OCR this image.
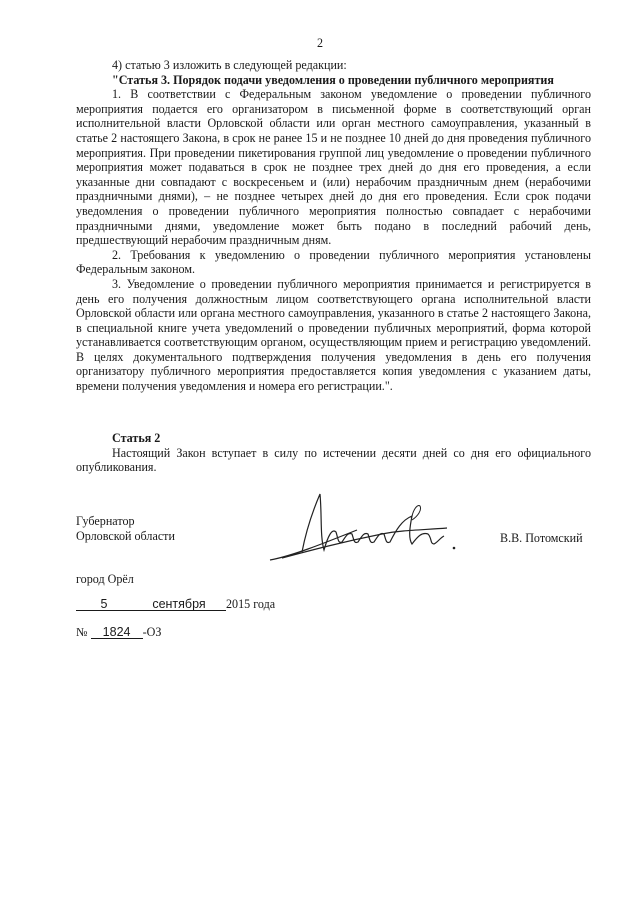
2

4) статью 3 изложить в следующей редакции:

"Статья 3. Порядок подачи уведомления о проведении публичного мероприятия

1. В соответствии с Федеральным законом уведомление о проведении публичного мероприятия подается его организатором в письменной форме в соответствующий орган исполнительной власти Орловской области или орган местного самоуправления, указанный в статье 2 настоящего Закона, в срок не ранее 15 и не позднее 10 дней до дня проведения публичного мероприятия. При проведении пикетирования группой лиц уведомление о проведении публичного мероприятия может подаваться в срок не позднее трех дней до дня его проведения, а если указанные дни совпадают с воскресеньем и (или) нерабочим праздничным днем (нерабочими праздничными днями), – не позднее четырех дней до дня его проведения. Если срок подачи уведомления о проведении публичного мероприятия полностью совпадает с нерабочими праздничными днями, уведомление может быть подано в последний рабочий день, предшествующий нерабочим праздничным дням.

2. Требования к уведомлению о проведении публичного мероприятия установлены Федеральным законом.

3. Уведомление о проведении публичного мероприятия принимается и регистрируется в день его получения должностным лицом соответствующего органа исполнительной власти Орловской области или органа местного самоуправления, указанного в статье 2 настоящего Закона, в специальной книге учета уведомлений о проведении публичных мероприятий, форма которой устанавливается соответствующим органом, осуществляющим прием и регистрацию уведомлений. В целях документального подтверждения получения уведомления в день его получения организатору публичного мероприятия предоставляется копия уведомления с указанием даты, времени получения уведомления и номера его регистрации.".

Статья 2

Настоящий Закон вступает в силу по истечении десяти дней со дня его официального опубликования.

Губернатор
Орловской области	В.В. Потомский
город Орёл
5	сентября 2015 года
№ 1824 -ОЗ
